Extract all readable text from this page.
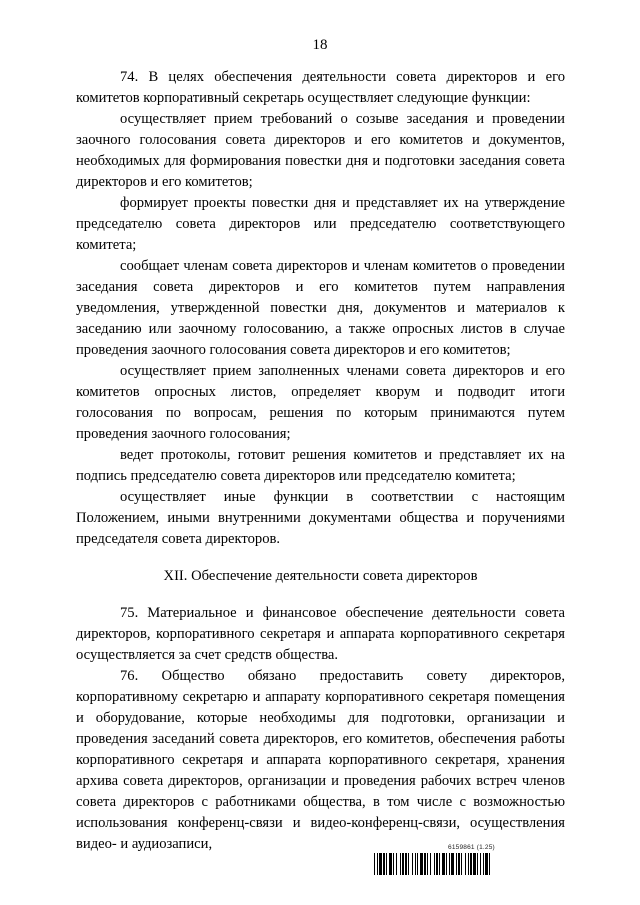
18

74. В целях обеспечения деятельности совета директоров и его комитетов корпоративный секретарь осуществляет следующие функции:

осуществляет прием требований о созыве заседания и проведении заочного голосования совета директоров и его комитетов и документов, необходимых для формирования повестки дня и подготовки заседания совета директоров и его комитетов;

формирует проекты повестки дня и представляет их на утверждение председателю совета директоров или председателю соответствующего комитета;

сообщает членам совета директоров и членам комитетов о проведении заседания совета директоров и его комитетов путем направления уведомления, утвержденной повестки дня, документов и материалов к заседанию или заочному голосованию, а также опросных листов в случае проведения заочного голосования совета директоров и его комитетов;

осуществляет прием заполненных членами совета директоров и его комитетов опросных листов, определяет кворум и подводит итоги голосования по вопросам, решения по которым принимаются путем проведения заочного голосования;

ведет протоколы, готовит решения комитетов и представляет их на подпись председателю совета директоров или председателю комитета;

осуществляет иные функции в соответствии с настоящим Положением, иными внутренними документами общества и поручениями председателя совета директоров.

XII. Обеспечение деятельности совета директоров

75. Материальное и финансовое обеспечение деятельности совета директоров, корпоративного секретаря и аппарата корпоративного секретаря осуществляется за счет средств общества.

76. Общество обязано предоставить совету директоров, корпоративному секретарю и аппарату корпоративного секретаря помещения и оборудование, которые необходимы для подготовки, организации и проведения заседаний совета директоров, его комитетов, обеспечения работы корпоративного секретаря и аппарата корпоративного секретаря, хранения архива совета директоров, организации и проведения рабочих встреч членов совета директоров с работниками общества, в том числе с возможностью использования конференц-связи и видео-конференц-связи, осуществления видео- и аудиозаписи,	6159861 (1.25)
